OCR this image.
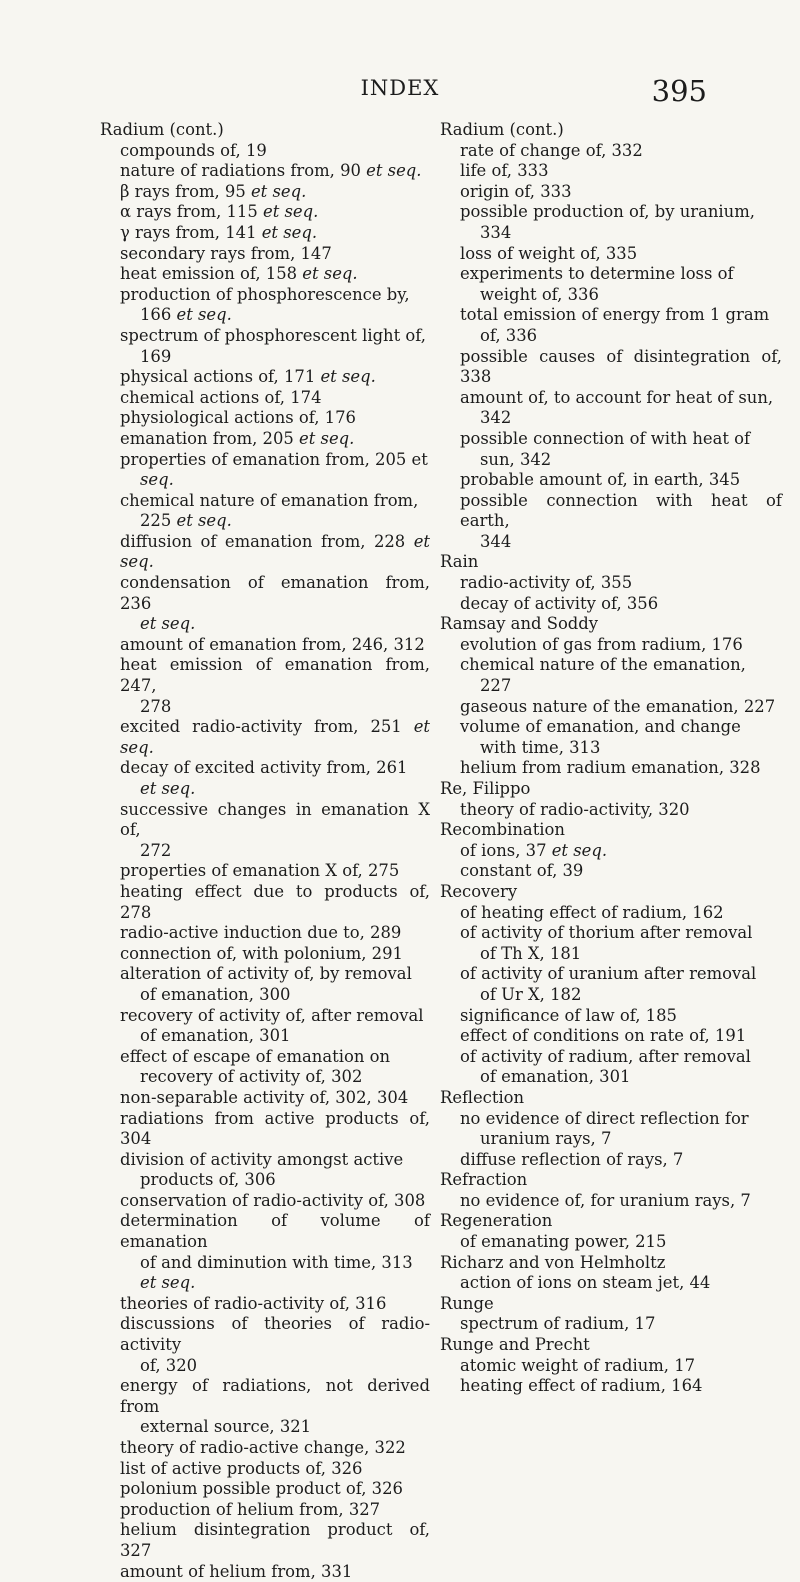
INDEX	395
Radium (cont.)
compounds of, 19
nature of radiations from, 90 et seq.
β rays from, 95 et seq.
α rays from, 115 et seq.
γ rays from, 141 et seq.
secondary rays from, 147
heat emission of, 158 et seq.
production of phosphorescence by,
166 et seq.
spectrum of phosphorescent light of,
169
physical actions of, 171 et seq.
chemical actions of, 174
physiological actions of, 176
emanation from, 205 et seq.
properties of emanation from, 205 et
seq.
chemical nature of emanation from,
225 et seq.
diffusion of emanation from, 228 et seq.
condensation of emanation from, 236
et seq.
amount of emanation from, 246, 312
heat emission of emanation from, 247,
278
excited radio-activity from, 251 et seq.
decay of excited activity from, 261
et seq.
successive changes in emanation X of,
272
properties of emanation X of, 275
heating effect due to products of, 278
radio-active induction due to, 289
connection of, with polonium, 291
alteration of activity of, by removal
of emanation, 300
recovery of activity of, after removal
of emanation, 301
effect of escape of emanation on
recovery of activity of, 302
non-separable activity of, 302, 304
radiations from active products of, 304
division of activity amongst active
products of, 306
conservation of radio-activity of, 308
determination of volume of emanation
of and diminution with time, 313
et seq.
theories of radio-activity of, 316
discussions of theories of radio-activity
of, 320
energy of radiations, not derived from
external source, 321
theory of radio-active change, 322
list of active products of, 326
polonium possible product of, 326
production of helium from, 327
helium disintegration product of, 327
amount of helium from, 331
Radium (cont.)
rate of change of, 332
life of, 333
origin of, 333
possible production of, by uranium,
334
loss of weight of, 335
experiments to determine loss of
weight of, 336
total emission of energy from 1 gram
of, 336
possible causes of disintegration of, 338
amount of, to account for heat of sun,
342
possible connection of with heat of
sun, 342
probable amount of, in earth, 345
possible connection with heat of earth,
344
Rain
radio-activity of, 355
decay of activity of, 356
Ramsay and Soddy
evolution of gas from radium, 176
chemical nature of the emanation,
227
gaseous nature of the emanation, 227
volume of emanation, and change
with time, 313
helium from radium emanation, 328
Re, Filippo
theory of radio-activity, 320
Recombination
of ions, 37 et seq.
constant of, 39
Recovery
of heating effect of radium, 162
of activity of thorium after removal
of Th X, 181
of activity of uranium after removal
of Ur X, 182
significance of law of, 185
effect of conditions on rate of, 191
of activity of radium, after removal
of emanation, 301
Reflection
no evidence of direct reflection for
uranium rays, 7
diffuse reflection of rays, 7
Refraction
no evidence of, for uranium rays, 7
Regeneration
of emanating power, 215
Richarz and von Helmholtz
action of ions on steam jet, 44
Runge
spectrum of radium, 17
Runge and Precht
atomic weight of radium, 17
heating effect of radium, 164
